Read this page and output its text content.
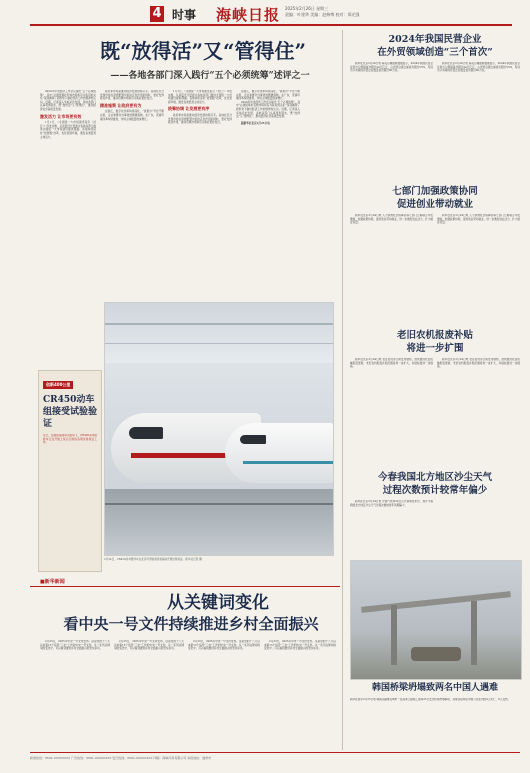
4 时事 海峡日报 2025年2月26日 星期三
责编：叶建华 美编：赵修博 校对：郑光强
既“放得活”又“管得住”
——各地各部门深入践行“五个必须统筹”述评之一

2024年中央经济工作会议提出“五个必须统筹”，其中“必须统筹好有效市场和有为政府的关系”深刻阐明了新形势下做好经济工作的规律性认识。近期，记者深入多地采访发现，各地各部门认真贯彻落实，既“放得活”又“管得住”，推动经济社会高质量发展。

激发活力 让市场更有效

1月1日，《全国统一大市场建设指引（试行）》印发实施，从顶层设计层面为各地各部门推进全国统一大市场建设提供遵循。各地持续深化“放管服”改革，优化营商环境，激发各类经营主体活力。

政府和市场是推动经济发展的两只手。各地在充分发挥市场在资源配置中的决定性作用的同时，更好发挥政府作用，推动有效市场和有为政府更好结合。

精准施策 让政府更有为

在浙江，数字化改革持续深化，“浙里办”平台不断完善，企业和群众办事更加便捷高效。在广东，营商环境改革持续推进，市场主体数量稳步增长。

1月1日，《全国统一大市场建设指引（试行）》印发实施，从顶层设计层面为各地各部门推进全国统一大市场建设提供遵循。各地持续深化“放管服”改革，优化营商环境，激发各类经营主体活力。

统筹协调 让发展更有序

政府和市场是推动经济发展的两只手。各地在充分发挥市场在资源配置中的决定性作用的同时，更好发挥政府作用，推动有效市场和有为政府更好结合。

在浙江，数字化改革持续深化，“浙里办”平台不断完善，企业和群众办事更加便捷高效。在广东，营商环境改革持续推进，市场主体数量稳步增长。

2024年中央经济工作会议提出“五个必须统筹”，其中“必须统筹好有效市场和有为政府的关系”深刻阐明了新形势下做好经济工作的规律性认识。近期，记者深入多地采访发现，各地各部门认真贯彻落实，既“放得活”又“管得住”，推动经济社会高质量发展。

据新华社北京2月25日电

创新400公里
CR450动车组接受试验验证
近日，在国铁集团牵头组织下，CR450动车组样车正在开展上线运行前的各项试验验证工作。
2月24日，CR450动车组样车在北京环形铁道试验基地开展试验验证。新华社记者 摄
■新华新闻
从关键词变化
看中央一号文件持续推进乡村全面振兴

2月23日，2025年中央一号文件发布。这是党的十八大以来第13个指导“三农”工作的中央一号文件。从一系列关键词的变化中，可以看到推进乡村全面振兴的坚实步伐。

2月23日，2025年中央一号文件发布。这是党的十八大以来第13个指导“三农”工作的中央一号文件。从一系列关键词的变化中，可以看到推进乡村全面振兴的坚实步伐。

2月23日，2025年中央一号文件发布。这是党的十八大以来第13个指导“三农”工作的中央一号文件。从一系列关键词的变化中，可以看到推进乡村全面振兴的坚实步伐。

2月23日，2025年中央一号文件发布。这是党的十八大以来第13个指导“三农”工作的中央一号文件。从一系列关键词的变化中，可以看到推进乡村全面振兴的坚实步伐。

2024年我国民营企业
在外贸领域创造“三个首次”

新华社北京2月24日电 海关总署最新数据显示，2024年我国民营企业进出口规模首次超过24万亿元，占外贸总值比重首次超过55%，有进出口实绩的民营企业数量首次超过60万家。

新华社北京2月24日电 海关总署最新数据显示，2024年我国民营企业进出口规模首次超过24万亿元，占外贸总值比重首次超过55%，有进出口实绩的民营企业数量首次超过60万家。

七部门加强政策协同
促进创业带动就业

新华社北京2月24日电 人力资源社会保障部等七部门日前联合印发通知，加强政策协同，促进创业带动就业，进一步激发创业活力，扩大就业容量。

新华社北京2月24日电 人力资源社会保障部等七部门日前联合印发通知，加强政策协同，促进创业带动就业，进一步激发创业活力，扩大就业容量。

老旧农机报废补贴
将进一步扩围

新华社北京2月24日电 农业农村部日前发布通知，加快推进农业机械报废更新，老旧农机报废补贴范围将进一步扩大，补贴标准进一步提高。

新华社北京2月24日电 农业农村部日前发布通知，加快推进农业机械报废更新，老旧农机报废补贴范围将进一步扩大，补贴标准进一步提高。

今春我国北方地区沙尘天气
过程次数预计较常年偏少

新华社北京2月24日电 中国气象局24日召开新闻发布会，预计今春我国北方地区沙尘天气过程次数较常年同期偏少。

韩国桥梁坍塌致两名中国人遇难
新华社首尔2月25日电 韩国京畿道安城市一处高速公路施工现场25日发生桥梁坍塌事故，造成包括两名中国公民在内的4人死亡、6人受伤。
新闻热线：0591-XXXXXXXX 广告热线：0591-XXXXXXXX 发行热线：0591-XXXXXXXX 印刷：海峡印务有限公司 本报地址：福州市
